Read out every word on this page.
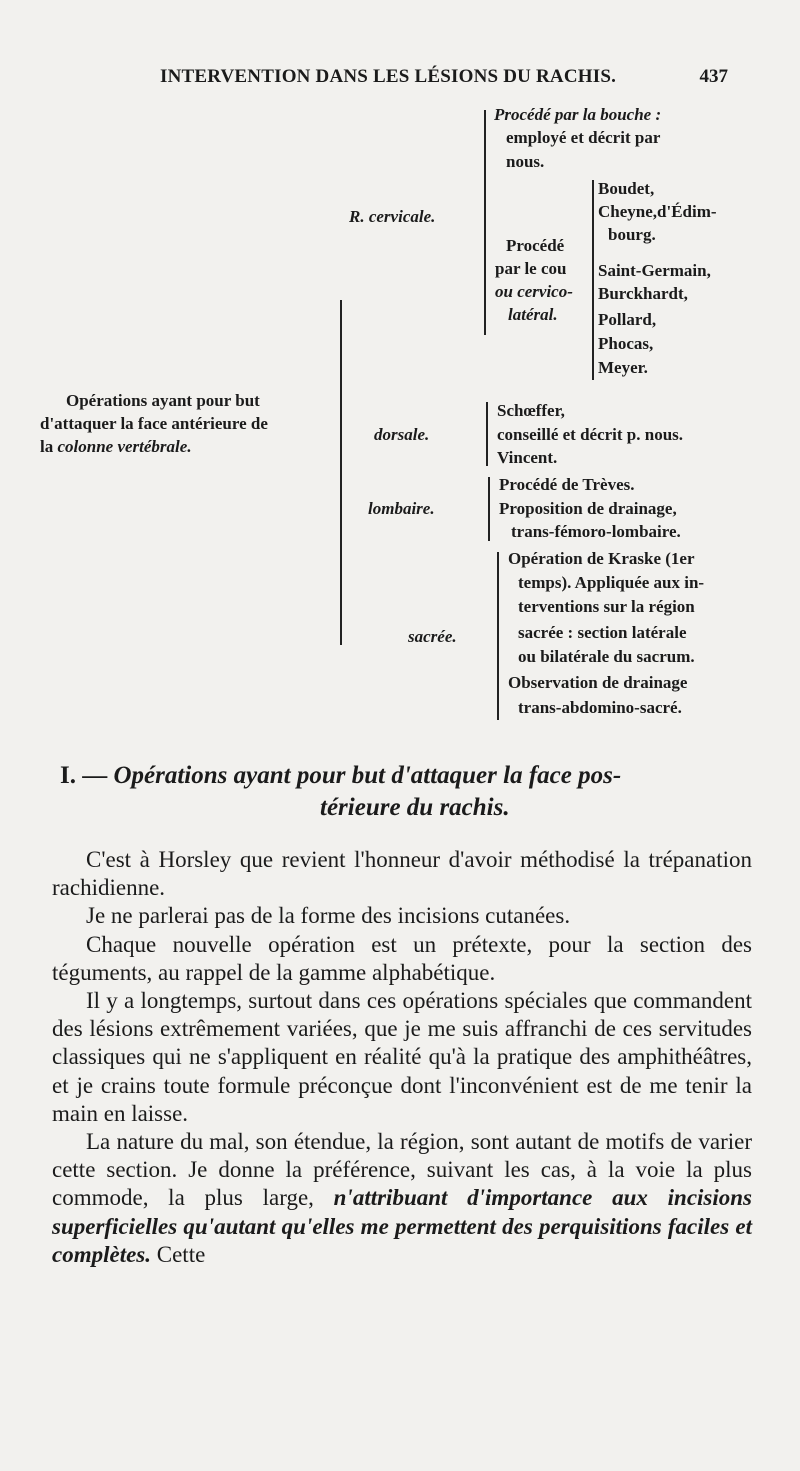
INTERVENTION DANS LES LÉSIONS DU RACHIS.	437
Opérations ayant pour but
d'attaquer la face antérieure de
la colonne vertébrale.
R. cervicale.
Procédé par la bouche :
employé et décrit par
nous.
Procédé
par le cou
ou cervico-
latéral.
Boudet,
Cheyne,d'Édim-
bourg.
Saint-Germain,
Burckhardt,
Pollard,
Phocas,
Meyer.
dorsale.
Schœffer,
conseillé et décrit p. nous.
Vincent.
lombaire.
Procédé de Trèves.
Proposition de drainage,
trans-fémoro-lombaire.
sacrée.
Opération de Kraske (1er
temps). Appliquée aux in-
terventions sur la région
sacrée : section latérale
ou bilatérale du sacrum.
Observation de drainage
trans-abdomino-sacré.
I. — Opérations ayant pour but d'attaquer la face pos-
térieure du rachis.

C'est à Horsley que revient l'honneur d'avoir méthodisé la trépanation rachidienne.

Je ne parlerai pas de la forme des incisions cutanées.

Chaque nouvelle opération est un prétexte, pour la section des téguments, au rappel de la gamme alphabétique.

Il y a longtemps, surtout dans ces opérations spéciales que commandent des lésions extrêmement variées, que je me suis affranchi de ces servitudes classiques qui ne s'appliquent en réalité qu'à la pratique des amphithéâtres, et je crains toute formule préconçue dont l'inconvénient est de me tenir la main en laisse.

La nature du mal, son étendue, la région, sont autant de motifs de varier cette section. Je donne la préférence, suivant les cas, à la voie la plus commode, la plus large, n'attribuant d'importance aux incisions superficielles qu'autant qu'elles me permettent des perquisitions faciles et complètes. Cette
